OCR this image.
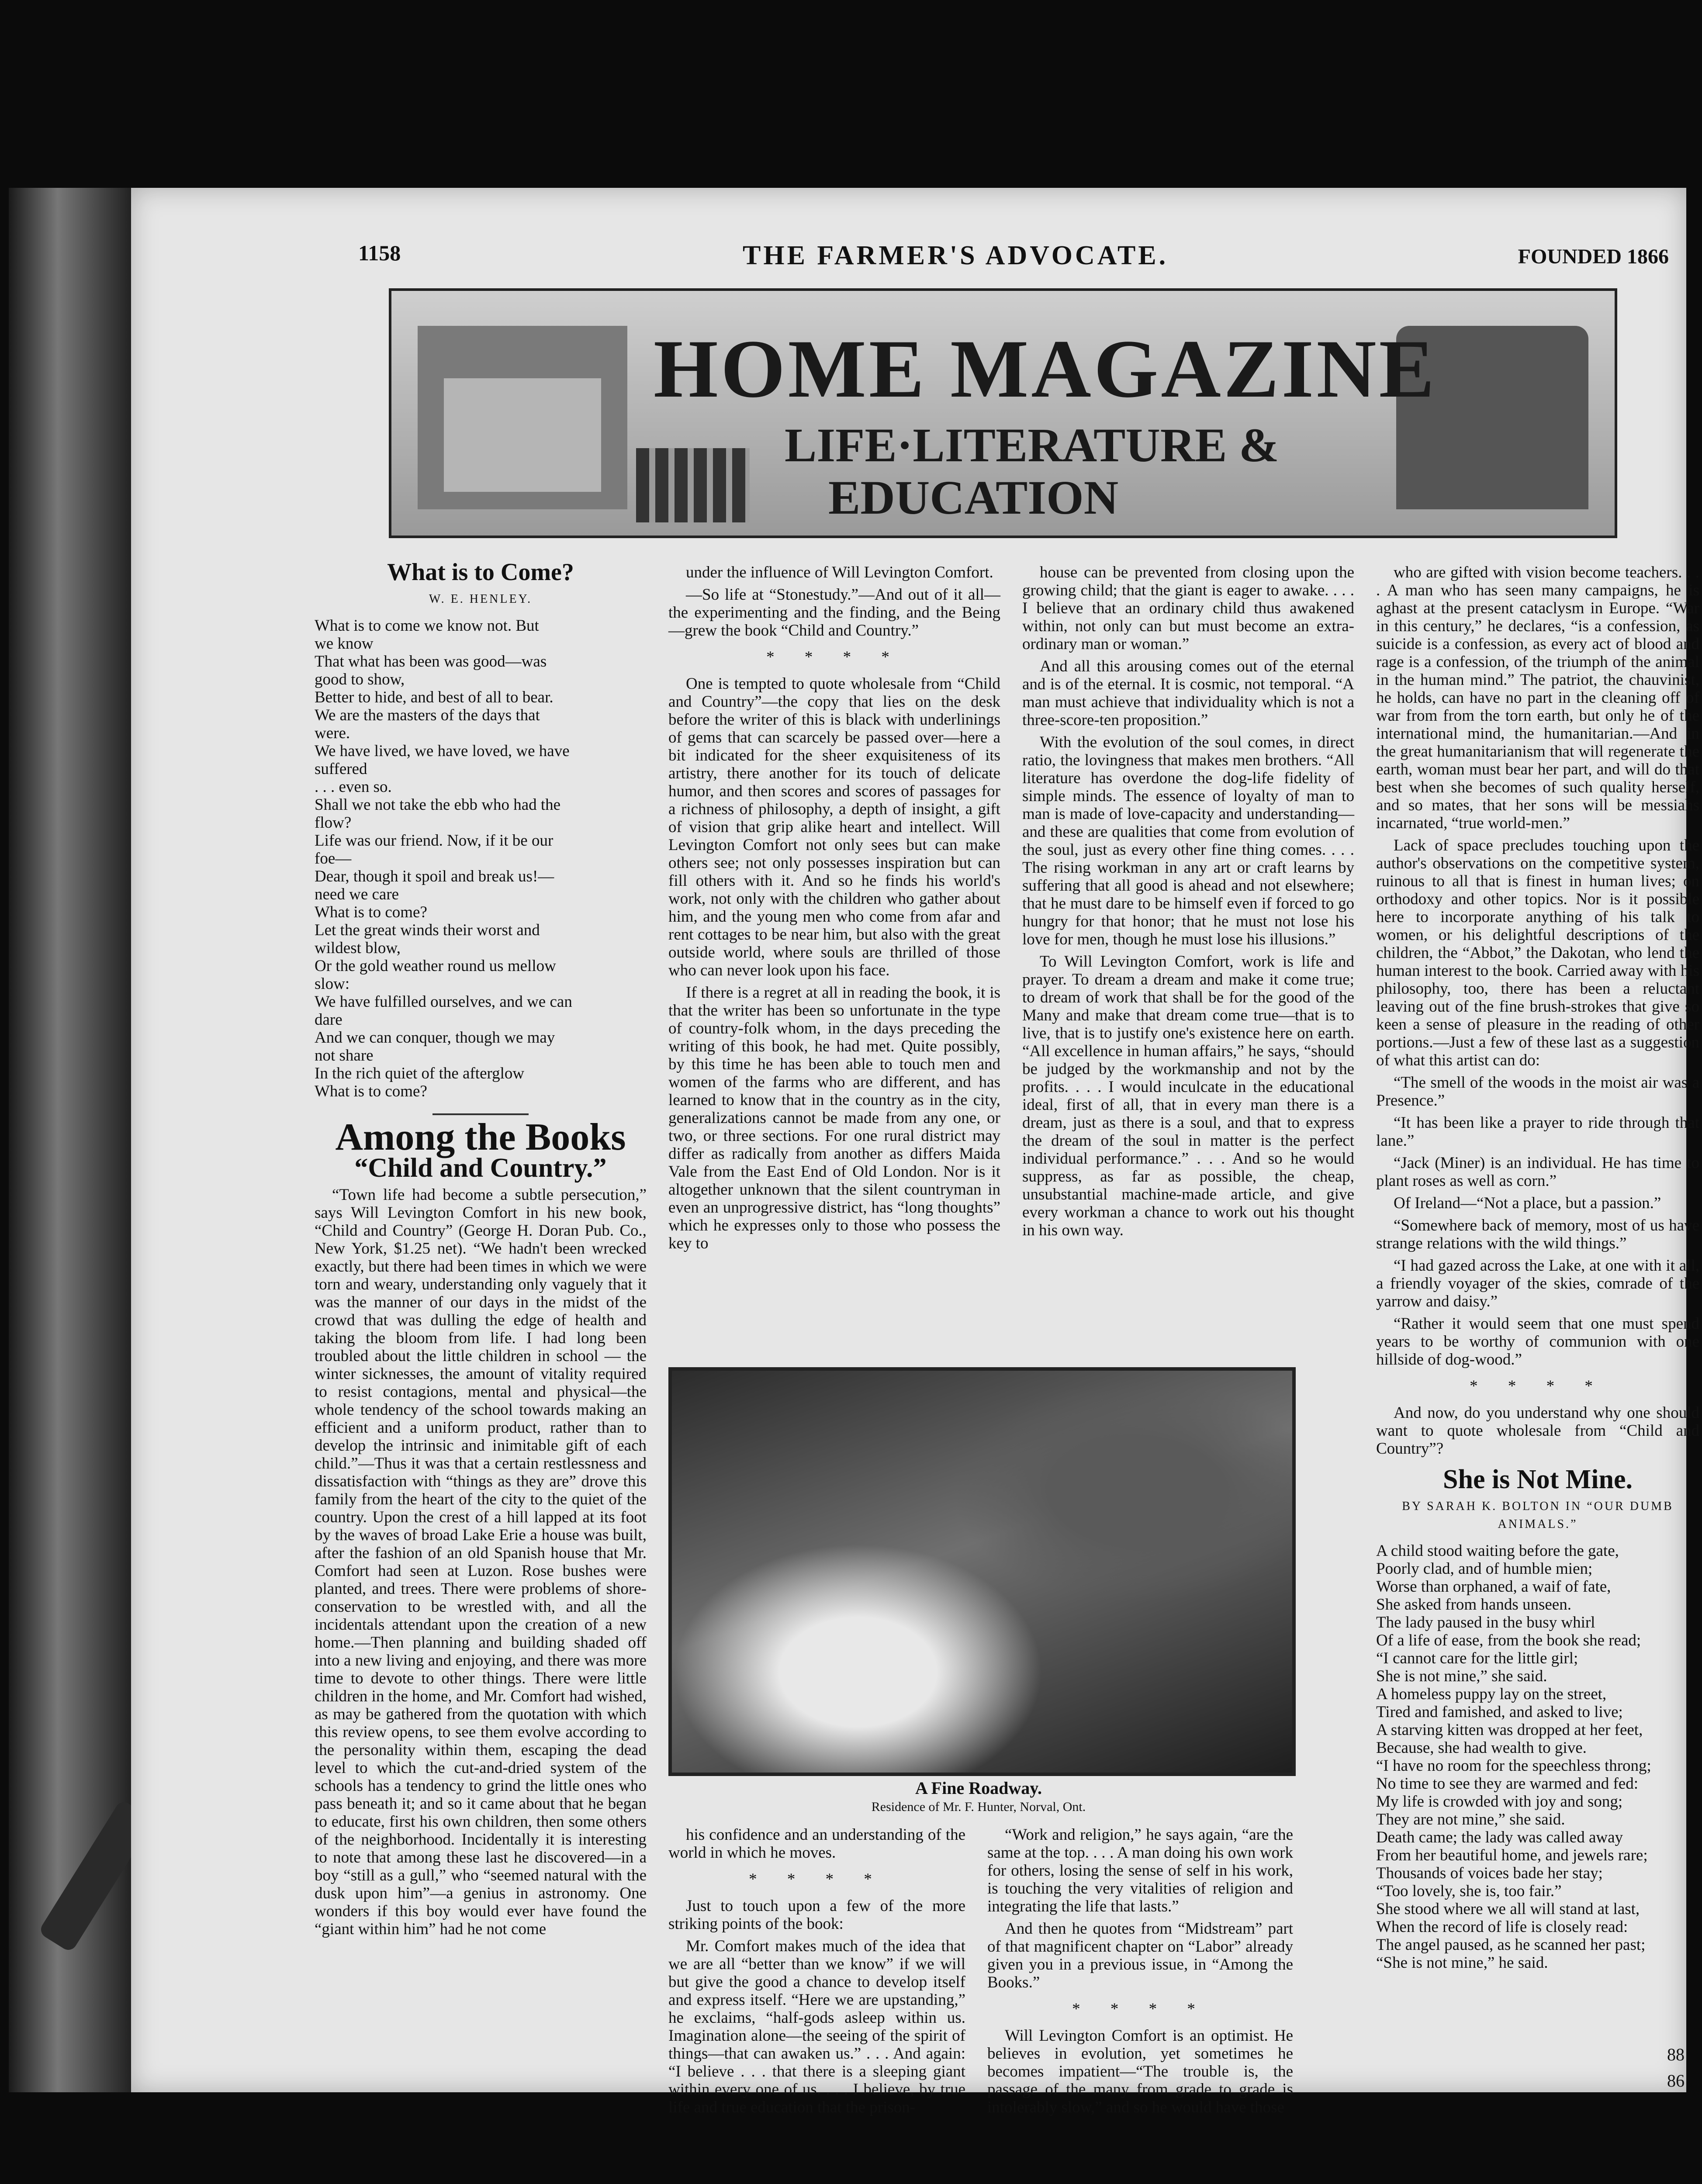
1158	THE FARMER'S ADVOCATE.	FOUNDED 1866
HOME MAGAZINE
LIFE·LITERATURE &
EDUCATION
What is to Come?
W. E. HENLEY.
What is to come we know not. But
we know
That what has been was good—was
good to show,
Better to hide, and best of all to bear.
We are the masters of the days that
were.
We have lived, we have loved, we have
suffered
. . . even so.
Shall we not take the ebb who had the
flow?
Life was our friend. Now, if it be our
foe—
Dear, though it spoil and break us!—
need we care
What is to come?
Let the great winds their worst and
wildest blow,
Or the gold weather round us mellow
slow:
We have fulfilled ourselves, and we can
dare
And we can conquer, though we may
not share
In the rich quiet of the afterglow
What is to come?
Among the Books
“Child and Country.”

“Town life had become a subtle persecution,” says Will Levington Comfort in his new book, “Child and Country” (George H. Doran Pub. Co., New York, $1.25 net). “We hadn't been wrecked exactly, but there had been times in which we were torn and weary, understanding only vaguely that it was the manner of our days in the midst of the crowd that was dulling the edge of health and taking the bloom from life. I had long been troubled about the little children in school — the winter sicknesses, the amount of vitality required to resist contagions, mental and physical—the whole tendency of the school towards making an efficient and a uniform product, rather than to develop the intrinsic and inimitable gift of each child.”—Thus it was that a certain restlessness and dissatisfaction with “things as they are” drove this family from the heart of the city to the quiet of the country. Upon the crest of a hill lapped at its foot by the waves of broad Lake Erie a house was built, after the fashion of an old Spanish house that Mr. Comfort had seen at Luzon. Rose bushes were planted, and trees. There were problems of shore-conservation to be wrestled with, and all the incidentals attendant upon the creation of a new home.—Then planning and building shaded off into a new living and enjoying, and there was more time to devote to other things. There were little children in the home, and Mr. Comfort had wished, as may be gathered from the quotation with which this review opens, to see them evolve according to the personality within them, escaping the dead level to which the cut-and-dried system of the schools has a tendency to grind the little ones who pass beneath it; and so it came about that he began to educate, first his own children, then some others of the neighborhood. Incidentally it is interesting to note that among these last he discovered—in a boy “still as a gull,” who “seemed natural with the dusk upon him”—a genius in astronomy. One wonders if this boy would ever have found the “giant within him” had he not come

under the influence of Will Levington Comfort.

—So life at “Stonestudy.”—And out of it all—the experimenting and the finding, and the Being—grew the book “Child and Country.”

* * * *

One is tempted to quote wholesale from “Child and Country”—the copy that lies on the desk before the writer of this is black with underlinings of gems that can scarcely be passed over—here a bit indicated for the sheer exquisiteness of its artistry, there another for its touch of delicate humor, and then scores and scores of passages for a richness of philosophy, a depth of insight, a gift of vision that grip alike heart and intellect. Will Levington Comfort not only sees but can make others see; not only possesses inspiration but can fill others with it. And so he finds his world's work, not only with the children who gather about him, and the young men who come from afar and rent cottages to be near him, but also with the great outside world, where souls are thrilled of those who can never look upon his face.

If there is a regret at all in reading the book, it is that the writer has been so unfortunate in the type of country-folk whom, in the days preceding the writing of this book, he had met. Quite possibly, by this time he has been able to touch men and women of the farms who are different, and has learned to know that in the country as in the city, generalizations cannot be made from any one, or two, or three sections. For one rural district may differ as radically from another as differs Maida Vale from the East End of Old London. Nor is it altogether unknown that the silent countryman in even an unprogressive district, has “long thoughts” which he expresses only to those who possess the key to

house can be prevented from closing upon the growing child; that the giant is eager to awake. . . . I believe that an ordinary child thus awakened within, not only can but must become an extra-ordinary man or woman.”

And all this arousing comes out of the eternal and is of the eternal. It is cosmic, not temporal. “A man must achieve that individuality which is not a three-score-ten proposition.”

With the evolution of the soul comes, in direct ratio, the lovingness that makes men brothers. “All literature has overdone the dog-life fidelity of simple minds. The essence of loyalty of man to man is made of love-capacity and understanding—and these are qualities that come from evolution of the soul, just as every other fine thing comes. . . . The rising workman in any art or craft learns by suffering that all good is ahead and not elsewhere; that he must dare to be himself even if forced to go hungry for that honor; that he must not lose his love for men, though he must lose his illusions.”

To Will Levington Comfort, work is life and prayer. To dream a dream and make it come true; to dream of work that shall be for the good of the Many and make that dream come true—that is to live, that is to justify one's existence here on earth. “All excellence in human affairs,” he says, “should be judged by the workmanship and not by the profits. . . . I would inculcate in the educational ideal, first of all, that in every man there is a dream, just as there is a soul, and that to express the dream of the soul in matter is the perfect individual performance.” . . . And so he would suppress, as far as possible, the cheap, unsubstantial machine-made article, and give every workman a chance to work out his thought in his own way.

who are gifted with vision become teachers. . . . A man who has seen many campaigns, he is aghast at the present cataclysm in Europe. “War in this century,” he declares, “is a confession, as suicide is a confession, as every act of blood and rage is a confession, of the triumph of the animal in the human mind.” The patriot, the chauvinist, he holds, can have no part in the cleaning off of war from from the torn earth, but only he of the international mind, the humanitarian.—And in the great humanitarianism that will regenerate the earth, woman must bear her part, and will do that best when she becomes of such quality herself, and so mates, that her sons will be messiahs incarnated, “true world-men.”

Lack of space precludes touching upon the author's observations on the competitive system, ruinous to all that is finest in human lives; on orthodoxy and other topics. Nor is it possible here to incorporate anything of his talk to women, or his delightful descriptions of the children, the “Abbot,” the Dakotan, who lend the human interest to the book. Carried away with his philosophy, too, there has been a reluctant leaving out of the fine brush-strokes that give so keen a sense of pleasure in the reading of other portions.—Just a few of these last as a suggestion of what this artist can do:

“The smell of the woods in the moist air was a Presence.”

“It has been like a prayer to ride through that lane.”

“Jack (Miner) is an individual. He has time to plant roses as well as corn.”

Of Ireland—“Not a place, but a passion.”

“Somewhere back of memory, most of us have strange relations with the wild things.”

“I had gazed across the Lake, at one with it all, a friendly voyager of the skies, comrade of the yarrow and daisy.”

“Rather it would seem that one must spend years to be worthy of communion with one hillside of dog-wood.”

* * * *

And now, do you understand why one should want to quote wholesale from “Child and Country”?

She is Not Mine.
BY SARAH K. BOLTON IN “OUR DUMB ANIMALS.”
A child stood waiting before the gate,
Poorly clad, and of humble mien;
Worse than orphaned, a waif of fate,
She asked from hands unseen.
The lady paused in the busy whirl
Of a life of ease, from the book she read;
“I cannot care for the little girl;
She is not mine,” she said.
A homeless puppy lay on the street,
Tired and famished, and asked to live;
A starving kitten was dropped at her feet,
Because, she had wealth to give.
“I have no room for the speechless throng;
No time to see they are warmed and fed:
My life is crowded with joy and song;
They are not mine,” she said.
Death came; the lady was called away
From her beautiful home, and jewels rare;
Thousands of voices bade her stay;
“Too lovely, she is, too fair.”
She stood where we all will stand at last,
When the record of life is closely read:
The angel paused, as he scanned her past;
“She is not mine,” he said.
A Fine Roadway.
Residence of Mr. F. Hunter, Norval, Ont.

his confidence and an understanding of the world in which he moves.

* * * *

Just to touch upon a few of the more striking points of the book:

Mr. Comfort makes much of the idea that we are all “better than we know” if we will but give the good a chance to develop itself and express itself. “Here we are upstanding,” he exclaims, “half-gods asleep within us. Imagination alone—the seeing of the spirit of things—that can awaken us.” . . . And again: “I believe . . . that there is a sleeping giant within every one of us. . . . I believe, by true life and true education that the prison-

“Work and religion,” he says again, “are the same at the top. . . . A man doing his own work for others, losing the sense of self in his work, is touching the very vitalities of religion and integrating the life that lasts.”

And then he quotes from “Midstream” part of that magnificent chapter on “Labor” already given you in a previous issue, in “Among the Books.”

* * * *

Will Levington Comfort is an optimist. He believes in evolution, yet sometimes he becomes impatient—“The trouble is, the passage of the many from grade to grade is intolerably slow,” and so he would have those

88
86
